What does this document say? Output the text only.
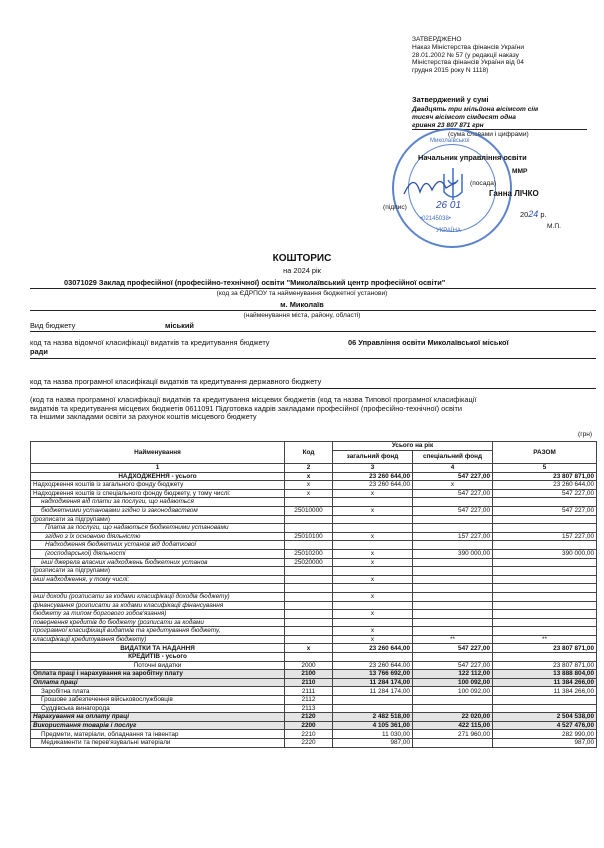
ЗАТВЕРДЖЕНО
Наказ Міністерства фінансів України
28.01.2002 № 57 (у редакції наказу
Міністерства фінансів України від 04
грудня 2015 року N 1118)
Затверджений у сумі
Двадцять три мільйона вісімсот сім
тисяч вісімсот сімдесят одна
гривня 23 807 871 грн
(сума словами і цифрами)
Миколаївської
УКРАЇНА
•02145038•
Начальник управління освіти
ММР
(посада)
Ганна ЛІЧКО
(підпис)	26 01
2024 р.
М.П.
КОШТОРИС
на 2024 рік
03071029 Заклад професійної (професійно-технічної) освіти "Миколаївський центр професійної освіти"
(код за ЄДРПОУ та найменування бюджетної установи)
м. Миколаїв
(найменування міста, району, області)
Вид бюджету	міський
код та назва відомчої класифікації видатків та кредитування бюджету	06 Управління освіти Миколаївської міської
ради
код та назва програмної класифікації видатків та кредитування державного бюджету
(код та назва програмної класифікації видатків та кредитування місцевих бюджетів (код та назва Типової програмної класифікації
видатків та кредитування місцевих бюджетів 0611091 Підготовка кадрів закладами професійної (професійно-технічної) освіти
та іншими закладами освіти за рахунок коштів місцевого бюджету
(грн)
Найменування	Код	Усього на рік		РАЗОМ
		загальний фонд	спеціальний фонд	
1	2	3	4	5
НАДХОДЖЕННЯ - усього	x	23 260 644,00	547 227,00	23 807 871,00
Надходження коштів із загального фонду бюджету	x	23 260 644,00	x	23 260 644,00
Надходження коштів із спеціального фонду бюджету, у тому числі:	x	x	547 227,00	547 227,00
надходження від плати за послуги, що надаються				
бюджетними установами згідно із законодавством	25010000	x	547 227,00	547 227,00
(розписати за підгрупами)				
Плата за послуги, що надаються бюджетними установами				
згідно з їх основною діяльністю	25010100	x	157 227,00	157 227,00
Надходження бюджетних установ від додаткової				
(господарської) діяльності	25010200	x	390 000,00	390 000,00
інші джерела власних надходжень бюджетних установ	25020000	x		
(розписати за підгрупами)				
інші надходження, у тому числі:		x		

інші доходи (розписати за кодами класифікації доходів бюджету)		x		
фінансування (розписати за кодами класифікації фінансування				
бюджету за типом боргового зобов'язання)		x		
повернення кредитів до бюджету (розписати за кодами				
програмної класифікації видатків та кредитування бюджету,		x		
класифікації кредитування бюджету)		x	**	**
ВИДАТКИ ТА НАДАННЯ	x	23 260 644,00	547 227,00	23 807 871,00
КРЕДИТІВ - усього				
Поточні видатки	2000	23 260 644,00	547 227,00	23 807 871,00
Оплата праці і нарахування на заробітну плату	2100	13 766 692,00	122 112,00	13 888 804,00
Оплата праці	2110	11 284 174,00	100 092,00	11 384 266,00
Заробітна плата	2111	11 284 174,00	100 092,00	11 384 266,00
Грошове забезпечення військовослужбовців	2112			
Суддівська винагорода	2113			
Нарахування на оплату праці	2120	2 482 518,00	22 020,00	2 504 538,00
Використання товарів і послуг	2200	4 105 361,00	422 115,00	4 527 476,00
Предмети, матеріали, обладнання та інвентар	2210	11 030,00	271 960,00	282 990,00
Медикаменти та перев'язувальні матеріали	2220	987,00		987,00
